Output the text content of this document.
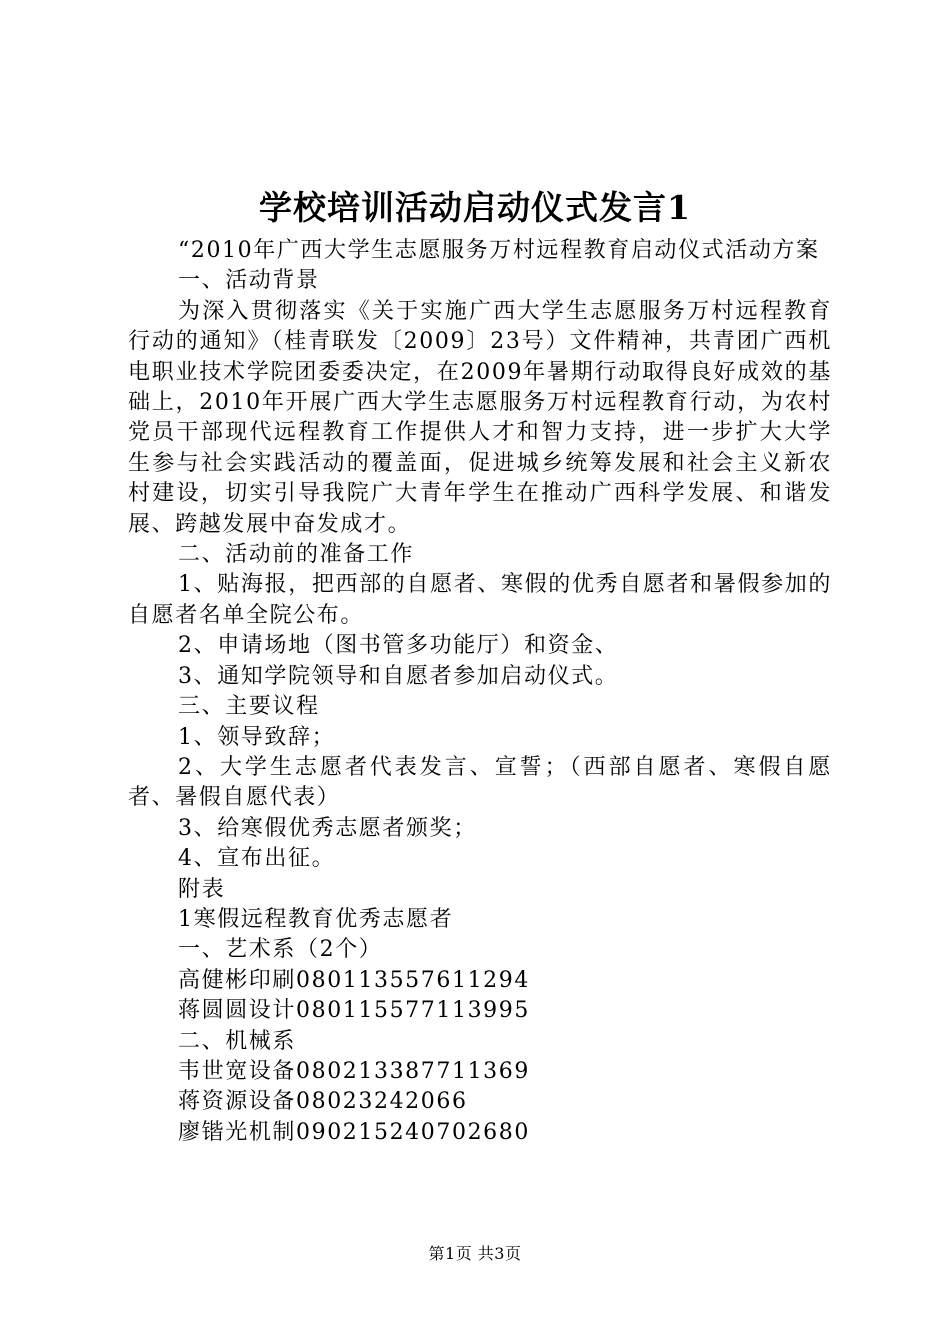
学校培训活动启动仪式发言1

“2010年广西大学生志愿服务万村远程教育启动仪式活动方案

一、活动背景

为深入贯彻落实《关于实施广西大学生志愿服务万村远程教育行动的通知》（桂青联发〔2009〕23号）文件精神，共青团广西机电职业技术学院团委委决定，在2009年暑期行动取得良好成效的基础上，2010年开展广西大学生志愿服务万村远程教育行动，为农村党员干部现代远程教育工作提供人才和智力支持，进一步扩大大学生参与社会实践活动的覆盖面，促进城乡统筹发展和社会主义新农村建设，切实引导我院广大青年学生在推动广西科学发展、和谐发展、跨越发展中奋发成才。

二、活动前的准备工作

1、贴海报，把西部的自愿者、寒假的优秀自愿者和暑假参加的自愿者名单全院公布。

2、申请场地（图书管多功能厅）和资金、

3、通知学院领导和自愿者参加启动仪式。

三、主要议程

1、领导致辞；

2、大学生志愿者代表发言、宣誓；（西部自愿者、寒假自愿者、暑假自愿代表）

3、给寒假优秀志愿者颁奖；

4、宣布出征。

附表

1寒假远程教育优秀志愿者

一、艺术系（2个）

高健彬印刷080113557611294

蒋圆圆设计080115577113995

二、机械系

韦世宽设备080213387711369

蒋资源设备08023242066

廖锴光机制090215240702680

第1页 共3页
